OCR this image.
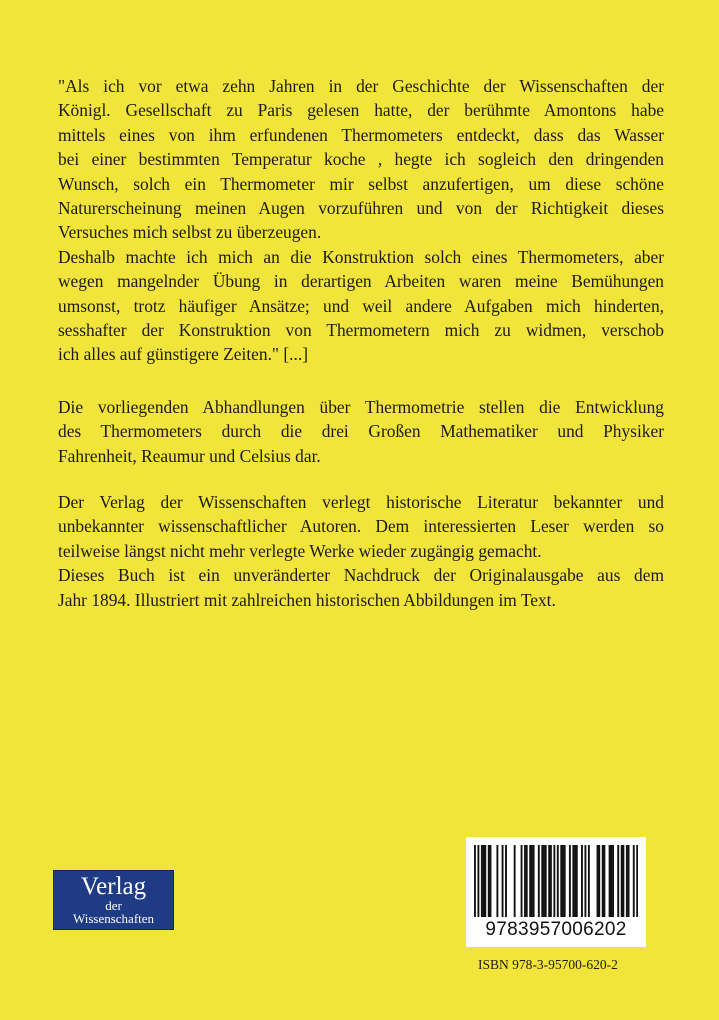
"Als ich vor etwa zehn Jahren in der Geschichte der Wissenschaften der

Königl. Gesellschaft zu Paris gelesen hatte, der berühmte Amontons habe

mittels eines von ihm erfundenen Thermometers entdeckt, dass das Wasser

bei einer bestimmten Temperatur koche , hegte ich sogleich den dringenden

Wunsch, solch ein Thermometer mir selbst anzufertigen, um diese schöne

Naturerscheinung meinen Augen vorzuführen und von der Richtigkeit dieses

Versuches mich selbst zu überzeugen.

Deshalb machte ich mich an die Konstruktion solch eines Thermometers, aber

wegen mangelnder Übung in derartigen Arbeiten waren meine Bemühungen

umsonst, trotz häufiger Ansätze; und weil andere Aufgaben mich hinderten,

sesshafter der Konstruktion von Thermometern mich zu widmen, verschob

ich alles auf günstigere Zeiten." [...]

Die vorliegenden Abhandlungen über Thermometrie stellen die Entwicklung

des Thermometers durch die drei Großen Mathematiker und Physiker

Fahrenheit, Reaumur und Celsius dar.

Der Verlag der Wissenschaften verlegt historische Literatur bekannter und

unbekannter wissenschaftlicher Autoren. Dem interessierten Leser werden so

teilweise längst nicht mehr verlegte Werke wieder zugängig gemacht.

Dieses Buch ist ein unveränderter Nachdruck der Originalausgabe aus dem

Jahr 1894. Illustriert mit zahlreichen historischen Abbildungen im Text.

Verlag
der
Wissenschaften
9783957006202
ISBN 978-3-95700-620-2
